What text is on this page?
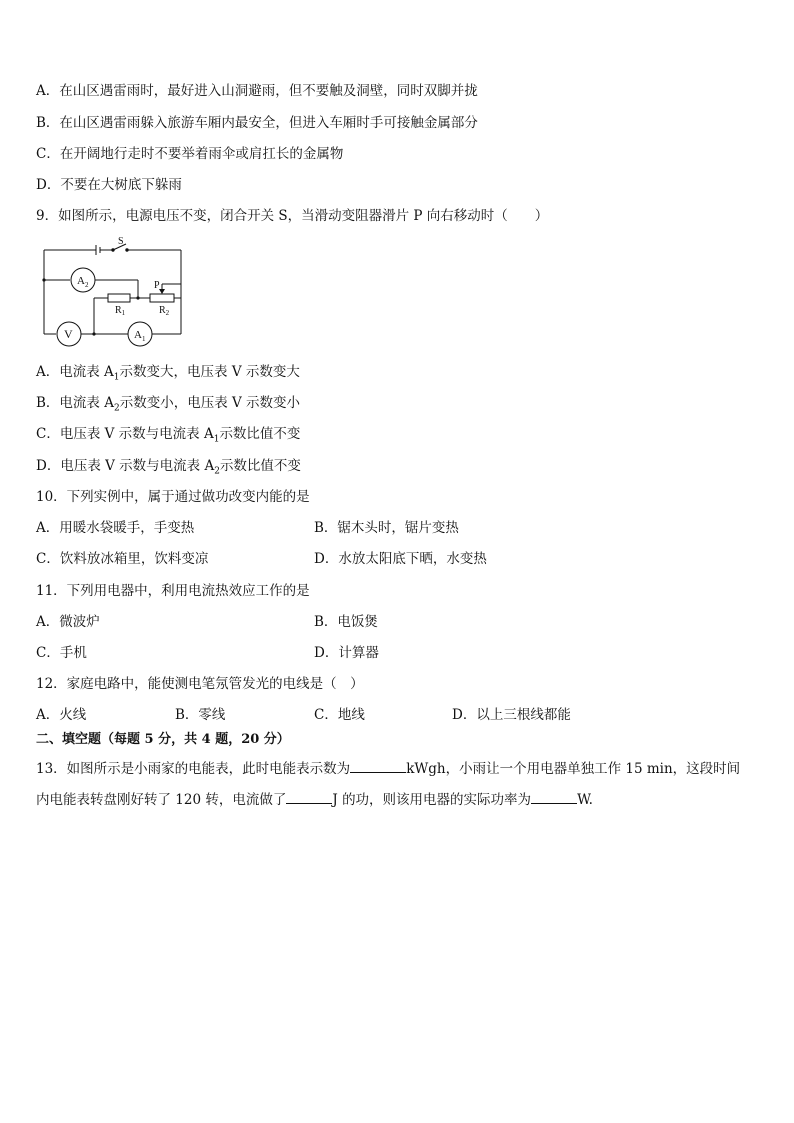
A．在山区遇雷雨时，最好进入山洞避雨，但不要触及洞壁，同时双脚并拢
B．在山区遇雷雨躲入旅游车厢内最安全，但进入车厢时手可接触金属部分
C．在开阔地行走时不要举着雨伞或肩扛长的金属物
D．不要在大树底下躲雨
9．如图所示，电源电压不变，闭合开关 S，当滑动变阻器滑片 P 向右移动时（　　）
S
$A_2$
V	$A_1$
P
$R_1$	$R_2$
A．电流表 $A_1$示数变大，电压表 V 示数变大
B．电流表 $A_2$示数变小，电压表 V 示数变小
C．电压表 V 示数与电流表 $A_1$示数比值不变
D．电压表 V 示数与电流表 $A_2$示数比值不变
10．下列实例中，属于通过做功改变内能的是
A．用暖水袋暖手，手变热	B．锯木头时，锯片变热
C．饮料放冰箱里，饮料变凉	D．水放太阳底下晒，水变热
11．下列用电器中，利用电流热效应工作的是
A．微波炉	B．电饭煲
C．手机	D．计算器
12．家庭电路中，能使测电笔氖管发光的电线是（　）
A．火线	B．零线	C．地线	D．以上三根线都能
二、填空题（每题 5 分，共 4 题，20 分）
13．如图所示是小雨家的电能表，此时电能表示数为	kWgh，小雨让一个用电器单独工作 15 min，这段时间
内电能表转盘刚好转了 120 转，电流做了	J 的功，则该用电器的实际功率为	W.
